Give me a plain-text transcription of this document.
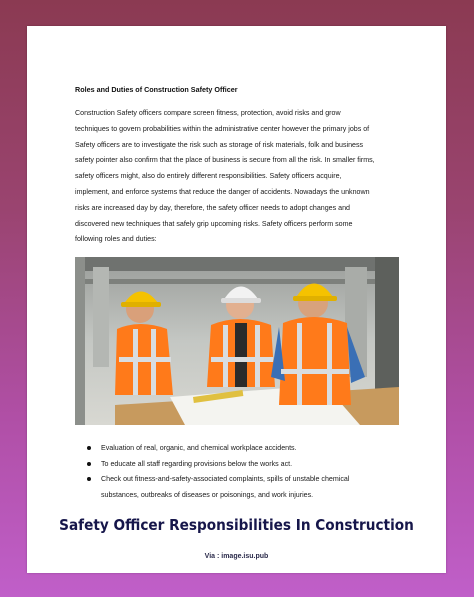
Roles and Duties of Construction Safety Officer
Construction Safety officers compare screen fitness, protection, avoid risks and grow
techniques to govern probabilities within the administrative center however the primary jobs of
Safety officers are to investigate the risk such as storage of risk materials, folk and business
safety pointer also confirm that the place of business is secure from all the risk. In smaller firms,
safety officers might, also do entirely different responsibilities. Safety officers acquire,
implement, and enforce systems that reduce the danger of accidents. Nowadays the unknown
risks are increased day by day, therefore, the safety officer needs to adopt changes and
discovered new techniques that safely grip upcoming risks. Safety officers perform some
following roles and duties:
Evaluation of real, organic, and chemical workplace accidents.
To educate all staff regarding provisions below the works act.
Check out fitness-and-safety-associated complaints, spills of unstable chemical
substances, outbreaks of diseases or poisonings, and work injuries.
Safety Officer Responsibilities In Construction
Via : image.isu.pub
